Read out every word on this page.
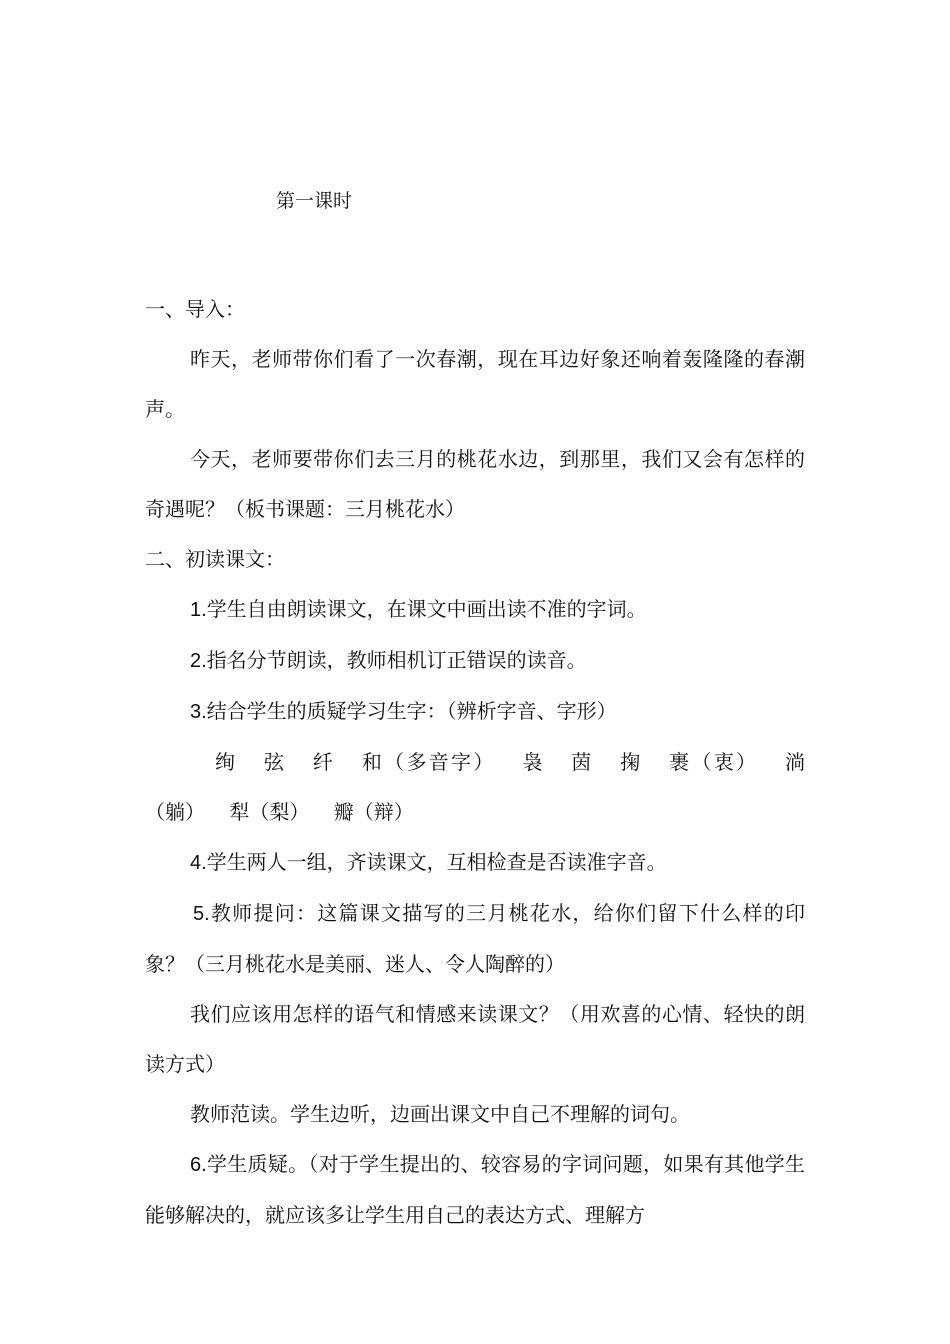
第一课时

一、导入：

昨天，老师带你们看了一次春潮，现在耳边好象还响着轰隆隆的春潮声。

今天，老师要带你们去三月的桃花水边，到那里，我们又会有怎样的奇遇呢？（板书课题：三月桃花水）

二、初读课文：

1.学生自由朗读课文，在课文中画出读不准的字词。

2.指名分节朗读，教师相机订正错误的读音。

3.结合学生的质疑学习生字：（辨析字音、字形）

绚 弦 纤 和（多音字） 袅 茵 掬 裹（衷） 淌（躺） 犁（梨） 瓣（辩）

4.学生两人一组，齐读课文，互相检查是否读准字音。

5.教师提问：这篇课文描写的三月桃花水，给你们留下什么样的印象？（三月桃花水是美丽、迷人、令人陶醉的）

我们应该用怎样的语气和情感来读课文？（用欢喜的心情、轻快的朗读方式）

教师范读。学生边听，边画出课文中自己不理解的词句。

6.学生质疑。（对于学生提出的、较容易的字词问题，如果有其他学生能够解决的，就应该多让学生用自己的表达方式、理解方
